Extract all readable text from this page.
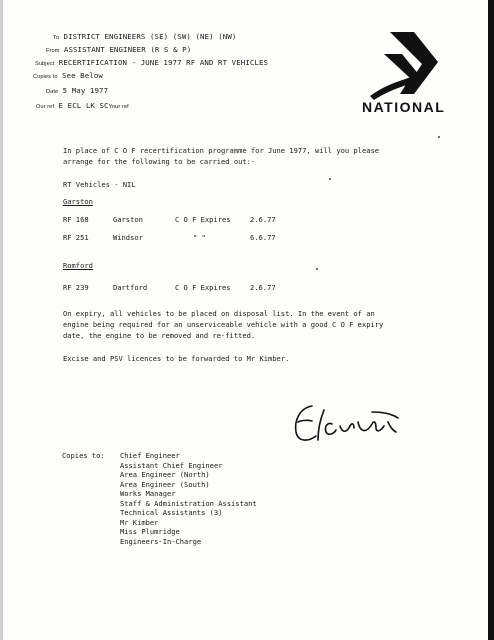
To DISTRICT ENGINEERS (SE) (SW) (NE) (NW)
From ASSISTANT ENGINEER (R S & P)
Subject RECERTIFICATION - JUNE 1977 RF AND RT VEHICLES
Copies to See Below
Date 5 May 1977
Our ref E ECL LK SCYour ref	NATIONAL
In place of C O F recertification programme for June 1977, will you please
arrange for the following to be carried out:-
RT Vehicles - NIL
Garston
RF 168	Garston	C O F Expires	2.6.77
RF 251	Windsor	" "	6.6.77
Romford
RF 239	Dartford	C O F Expires	2.6.77
On expiry, all vehicles to be placed on disposal list. In the event of an
engine being required for an unserviceable vehicle with a good C O F expiry
date, the engine to be removed and re-fitted.
Excise and PSV licences to be forwarded to Mr Kimber.
Copies to: Chief Engineer
Assistant Chief Engineer
Area Engineer (North)
Area Engineer (South)
Works Manager
Staff & Administration Assistant
Technical Assistants (3)
Mr Kimber
Miss Plumridge
Engineers-In-Charge
